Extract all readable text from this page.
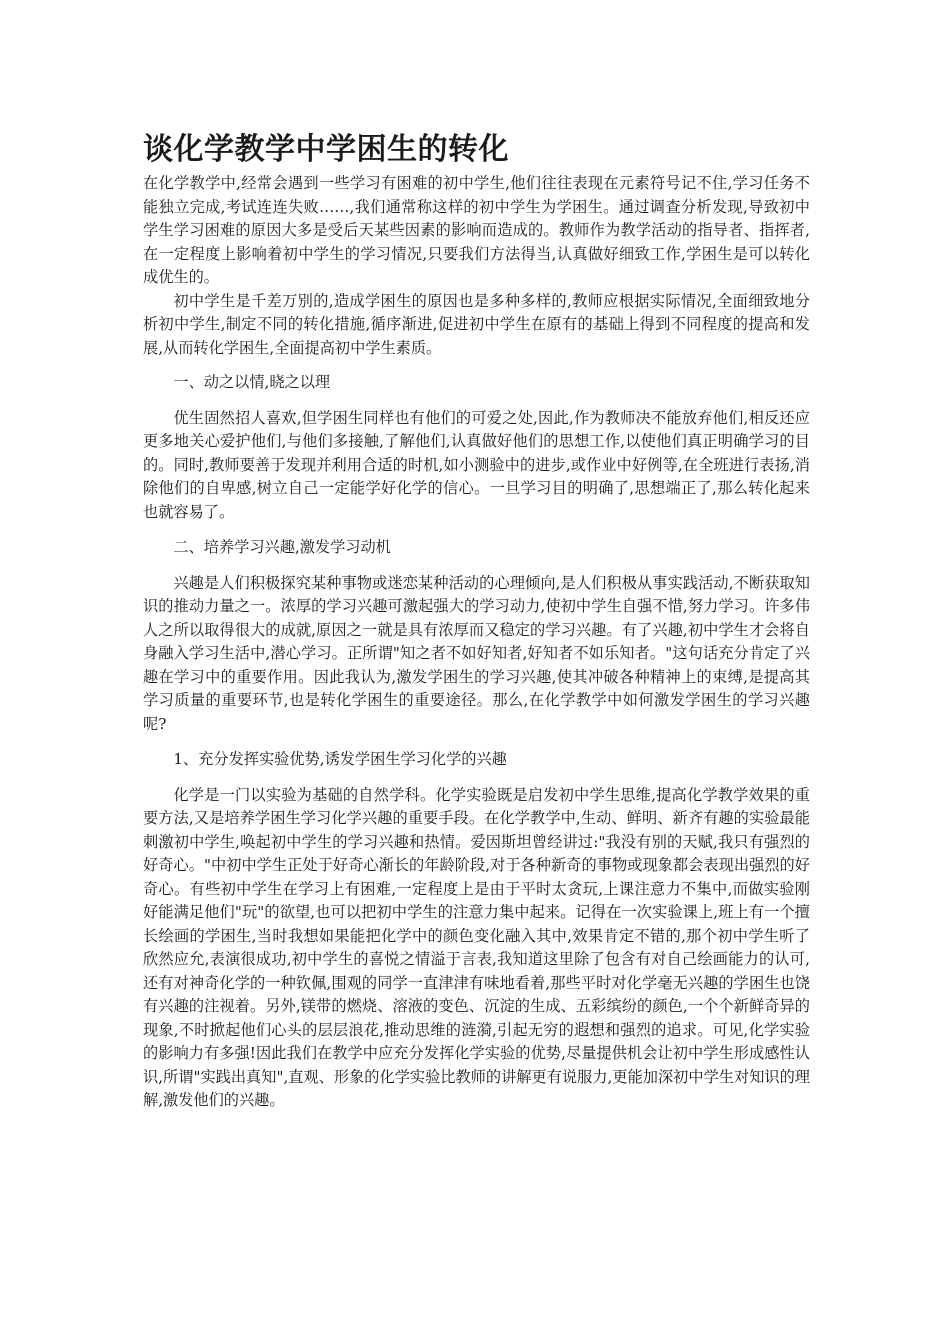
谈化学教学中学困生的转化

在化学教学中,经常会遇到一些学习有困难的初中学生,他们往往表现在元素符号记不住,学习任务不能独立完成,考试连连失败……,我们通常称这样的初中学生为学困生。通过调查分析发现,导致初中学生学习困难的原因大多是受后天某些因素的影响而造成的。教师作为教学活动的指导者、指挥者,在一定程度上影响着初中学生的学习情况,只要我们方法得当,认真做好细致工作,学困生是可以转化成优生的。

初中学生是千差万别的,造成学困生的原因也是多种多样的,教师应根据实际情况,全面细致地分析初中学生,制定不同的转化措施,循序渐进,促进初中学生在原有的基础上得到不同程度的提高和发展,从而转化学困生,全面提高初中学生素质。

一、动之以情,晓之以理

优生固然招人喜欢,但学困生同样也有他们的可爱之处,因此,作为教师决不能放弃他们,相反还应更多地关心爱护他们,与他们多接触,了解他们,认真做好他们的思想工作,以使他们真正明确学习的目的。同时,教师要善于发现并利用合适的时机,如小测验中的进步,或作业中好例等,在全班进行表扬,消除他们的自卑感,树立自己一定能学好化学的信心。一旦学习目的明确了,思想端正了,那么转化起来也就容易了。

二、培养学习兴趣,激发学习动机

兴趣是人们积极探究某种事物或迷恋某种活动的心理倾向,是人们积极从事实践活动,不断获取知识的推动力量之一。浓厚的学习兴趣可激起强大的学习动力,使初中学生自强不惜,努力学习。许多伟人之所以取得很大的成就,原因之一就是具有浓厚而又稳定的学习兴趣。有了兴趣,初中学生才会将自身融入学习生活中,潜心学习。正所谓"知之者不如好知者,好知者不如乐知者。"这句话充分肯定了兴趣在学习中的重要作用。因此我认为,激发学困生的学习兴趣,使其冲破各种精神上的束缚,是提高其学习质量的重要环节,也是转化学困生的重要途径。那么,在化学教学中如何激发学困生的学习兴趣呢?

1、充分发挥实验优势,诱发学困生学习化学的兴趣

化学是一门以实验为基础的自然学科。化学实验既是启发初中学生思维,提高化学教学效果的重要方法,又是培养学困生学习化学兴趣的重要手段。在化学教学中,生动、鲜明、新齐有趣的实验最能刺激初中学生,唤起初中学生的学习兴趣和热情。爱因斯坦曾经讲过:"我没有别的天赋,我只有强烈的好奇心。"中初中学生正处于好奇心渐长的年龄阶段,对于各种新奇的事物或现象都会表现出强烈的好奇心。有些初中学生在学习上有困难,一定程度上是由于平时太贪玩,上课注意力不集中,而做实验刚好能满足他们"玩"的欲望,也可以把初中学生的注意力集中起来。记得在一次实验课上,班上有一个擅长绘画的学困生,当时我想如果能把化学中的颜色变化融入其中,效果肯定不错的,那个初中学生听了欣然应允,表演很成功,初中学生的喜悦之情溢于言表,我知道这里除了包含有对自己绘画能力的认可,还有对神奇化学的一种钦佩,围观的同学一直津津有味地看着,那些平时对化学毫无兴趣的学困生也饶有兴趣的注视着。另外,镁带的燃烧、溶液的变色、沉淀的生成、五彩缤纷的颜色,一个个新鲜奇异的现象,不时掀起他们心头的层层浪花,推动思维的涟漪,引起无穷的遐想和强烈的追求。可见,化学实验的影响力有多强!因此我们在教学中应充分发挥化学实验的优势,尽量提供机会让初中学生形成感性认识,所谓"实践出真知",直观、形象的化学实验比教师的讲解更有说服力,更能加深初中学生对知识的理解,激发他们的兴趣。
